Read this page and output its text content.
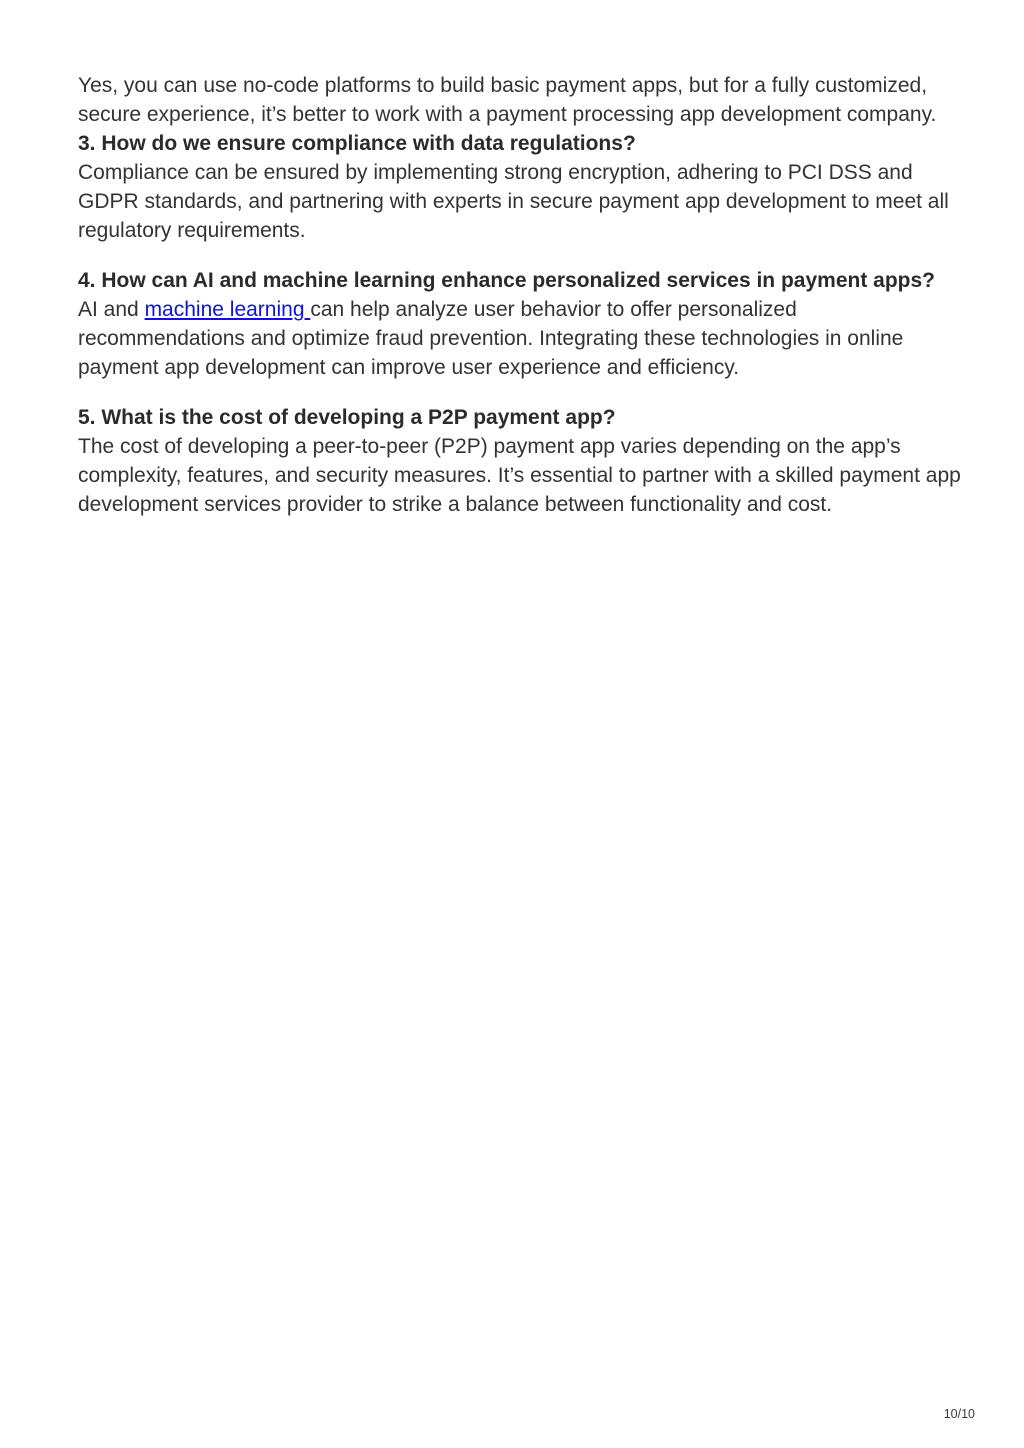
Yes, you can use no-code platforms to build basic payment apps, but for a fully customized,
secure experience, it’s better to work with a payment processing app development company.
3. How do we ensure compliance with data regulations?
Compliance can be ensured by implementing strong encryption, adhering to PCI DSS and
GDPR standards, and partnering with experts in secure payment app development to meet all
regulatory requirements.
4. How can AI and machine learning enhance personalized services in payment apps?
AI and machine learning can help analyze user behavior to offer personalized
recommendations and optimize fraud prevention. Integrating these technologies in online
payment app development can improve user experience and efficiency.
5. What is the cost of developing a P2P payment app?
The cost of developing a peer-to-peer (P2P) payment app varies depending on the app’s
complexity, features, and security measures. It’s essential to partner with a skilled payment app
development services provider to strike a balance between functionality and cost.
10/10
